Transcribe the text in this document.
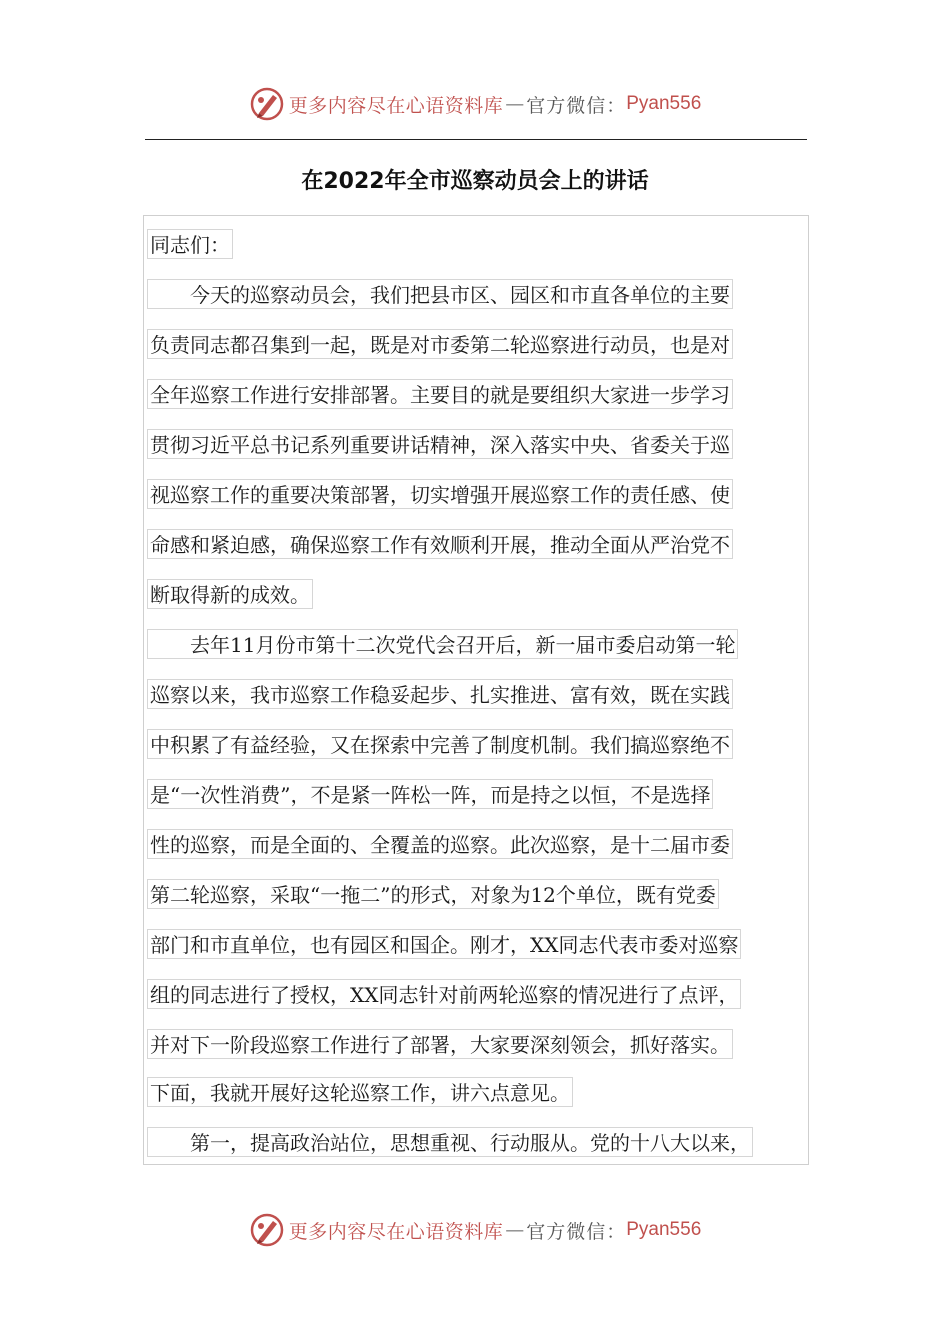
更多内容尽在心语资料库 — 官方微信： Pyan556
在2022年全市巡察动员会上的讲话
同志们：
　　今天的巡察动员会，我们把县市区、园区和市直各单位的主要
负责同志都召集到一起，既是对市委第二轮巡察进行动员，也是对
全年巡察工作进行安排部署。主要目的就是要组织大家进一步学习
贯彻习近平总书记系列重要讲话精神，深入落实中央、省委关于巡
视巡察工作的重要决策部署，切实增强开展巡察工作的责任感、使
命感和紧迫感，确保巡察工作有效顺利开展，推动全面从严治党不
断取得新的成效。
　　去年11月份市第十二次党代会召开后，新一届市委启动第一轮
巡察以来，我市巡察工作稳妥起步、扎实推进、富有效，既在实践
中积累了有益经验，又在探索中完善了制度机制。我们搞巡察绝不
是“一次性消费”，不是紧一阵松一阵，而是持之以恒，不是选择
性的巡察，而是全面的、全覆盖的巡察。此次巡察，是十二届市委
第二轮巡察，采取“一拖二”的形式，对象为12个单位，既有党委
部门和市直单位，也有园区和国企。刚才，XX同志代表市委对巡察
组的同志进行了授权，XX同志针对前两轮巡察的情况进行了点评，
并对下一阶段巡察工作进行了部署，大家要深刻领会，抓好落实。
下面，我就开展好这轮巡察工作，讲六点意见。
　　第一，提高政治站位，思想重视、行动服从。党的十八大以来，
更多内容尽在心语资料库 — 官方微信： Pyan556
